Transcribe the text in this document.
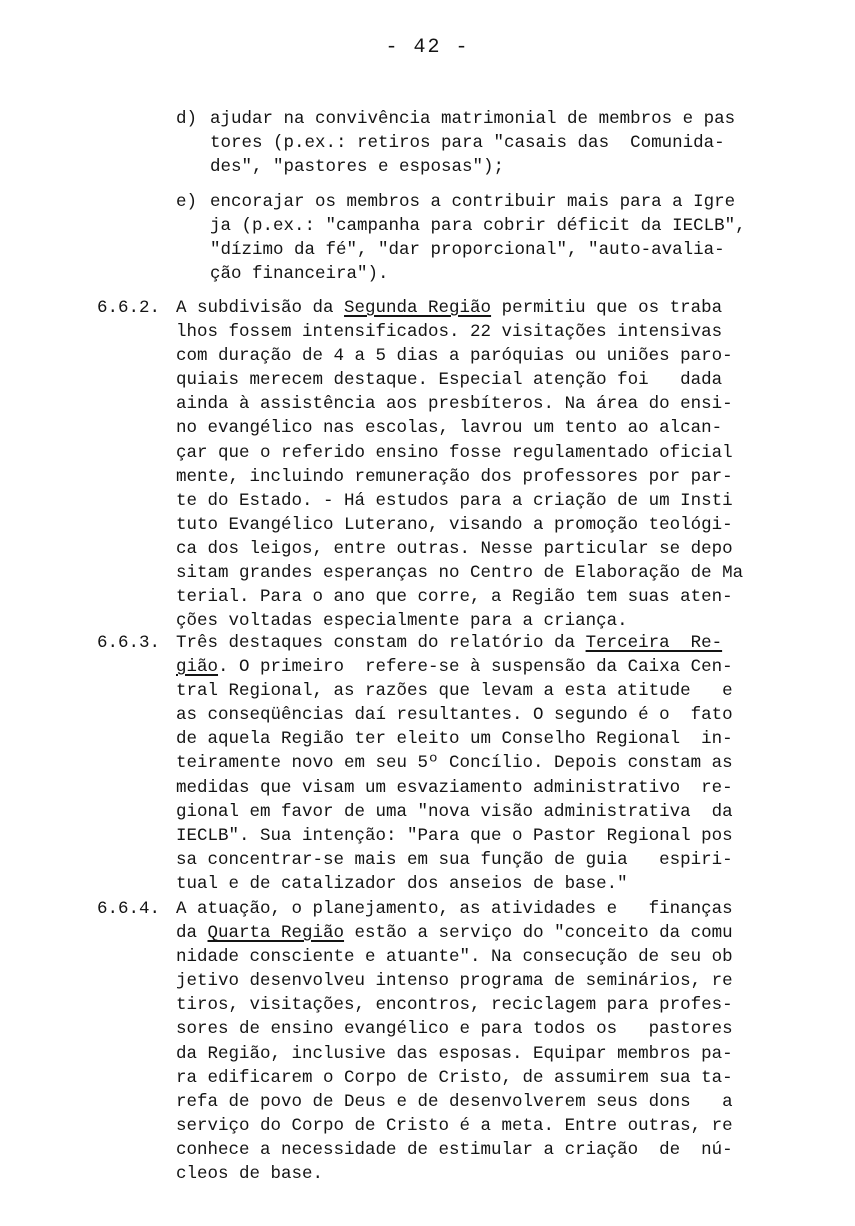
- 42 -
d) ajudar na convivência matrimonial de membros e pas
tores (p.ex.: retiros para "casais das  Comunida-
des", "pastores e esposas");
e) encorajar os membros a contribuir mais para a Igre
ja (p.ex.: "campanha para cobrir déficit da IECLB",
"dízimo da fé", "dar proporcional", "auto-avalia-
ção financeira").
6.6.2. A subdivisão da Segunda Região permitiu que os traba
lhos fossem intensificados. 22 visitações intensivas
com duração de 4 a 5 dias a paróquias ou uniões paro-
quiais merecem destaque. Especial atenção foi   dada
ainda à assistência aos presbíteros. Na área do ensi-
no evangélico nas escolas, lavrou um tento ao alcan-
çar que o referido ensino fosse regulamentado oficial
mente, incluindo remuneração dos professores por par-
te do Estado. - Há estudos para a criação de um Insti
tuto Evangélico Luterano, visando a promoção teológi-
ca dos leigos, entre outras. Nesse particular se depo
sitam grandes esperanças no Centro de Elaboração de Ma
terial. Para o ano que corre, a Região tem suas aten-
ções voltadas especialmente para a criança.
6.6.3. Três destaques constam do relatório da Terceira  Re-
gião. O primeiro  refere-se à suspensão da Caixa Cen-
tral Regional, as razões que levam a esta atitude   e
as conseqüências daí resultantes. O segundo é o  fato
de aquela Região ter eleito um Conselho Regional  in-
teiramente novo em seu 5º Concílio. Depois constam as
medidas que visam um esvaziamento administrativo  re-
gional em favor de uma "nova visão administrativa  da
IECLB". Sua intenção: "Para que o Pastor Regional pos
sa concentrar-se mais em sua função de guia   espiri-
tual e de catalizador dos anseios de base."
6.6.4. A atuação, o planejamento, as atividades e   finanças
da Quarta Região estão a serviço do "conceito da comu
nidade consciente e atuante". Na consecução de seu ob
jetivo desenvolveu intenso programa de seminários, re
tiros, visitações, encontros, reciclagem para profes-
sores de ensino evangélico e para todos os   pastores
da Região, inclusive das esposas. Equipar membros pa-
ra edificarem o Corpo de Cristo, de assumirem sua ta-
refa de povo de Deus e de desenvolverem seus dons   a
serviço do Corpo de Cristo é a meta. Entre outras, re
conhece a necessidade de estimular a criação  de  nú-
cleos de base.
